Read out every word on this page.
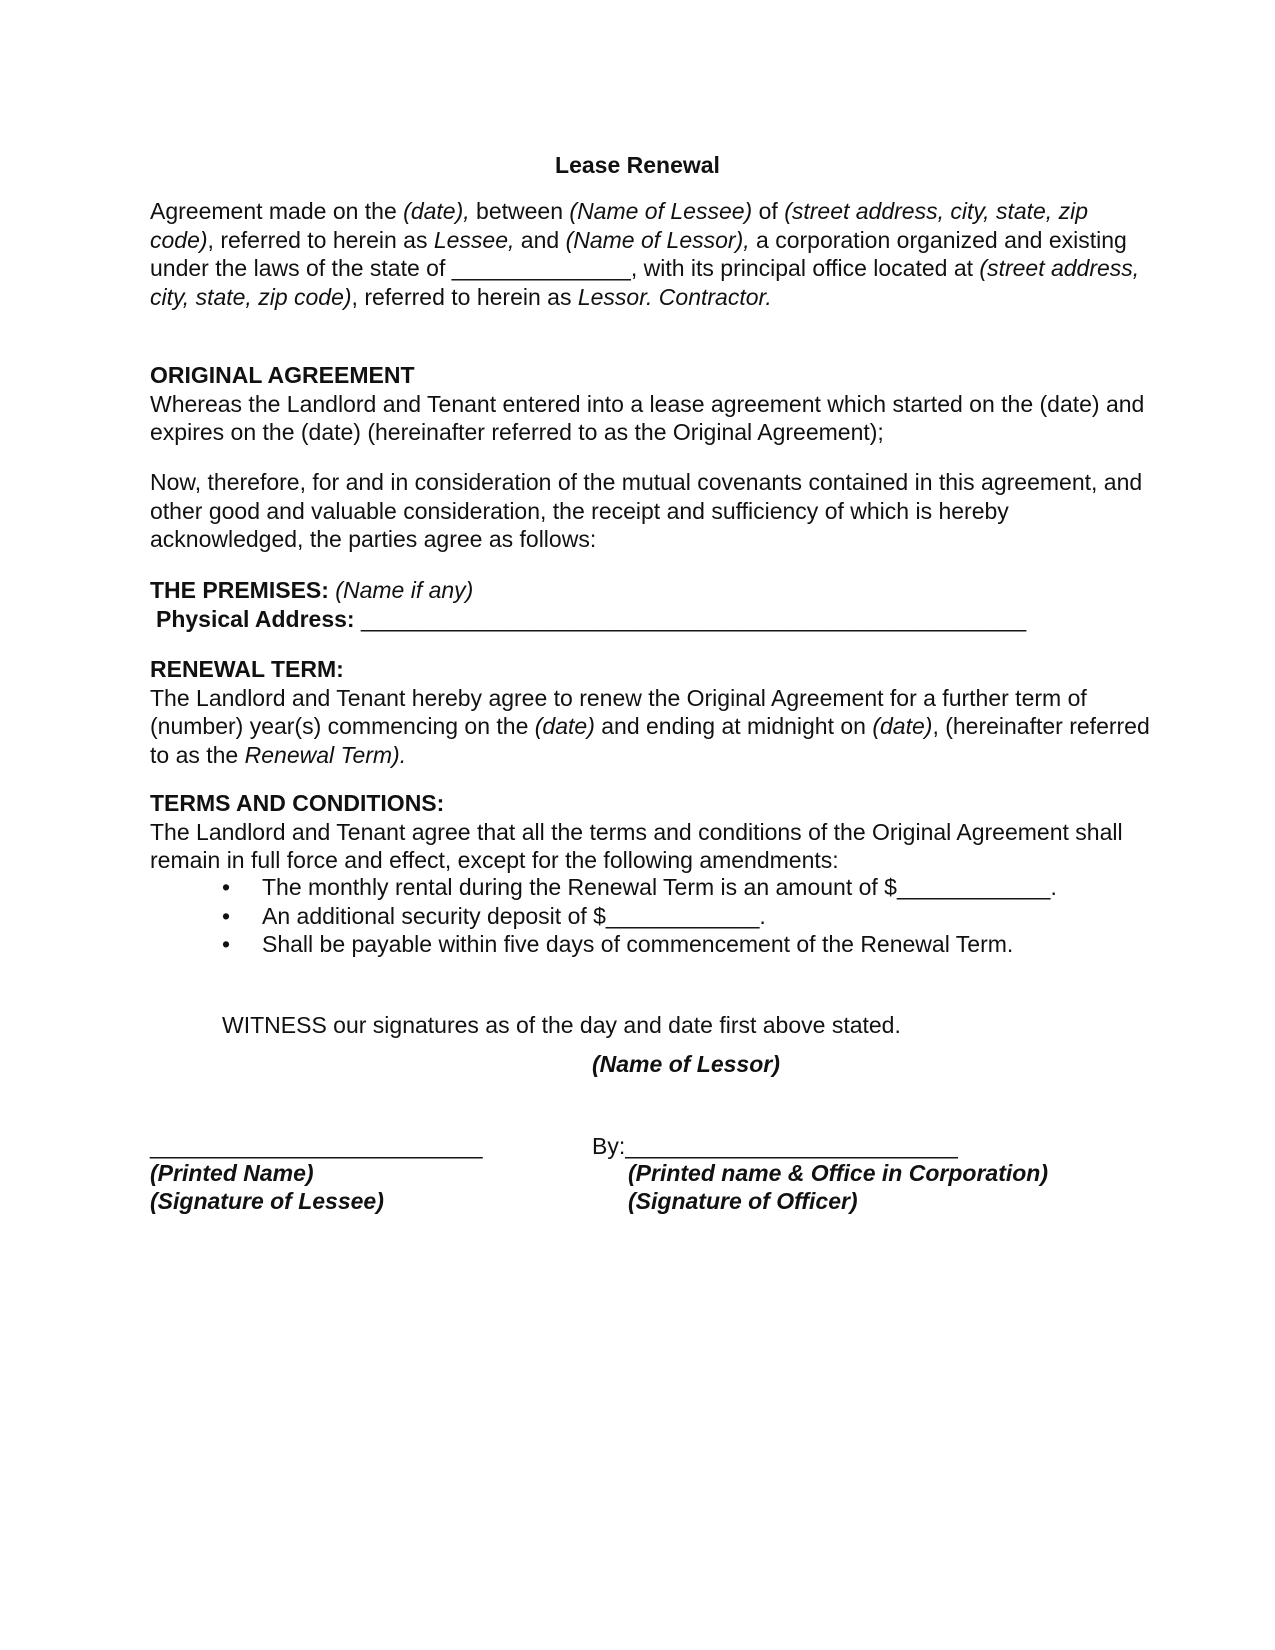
Lease Renewal

Agreement made on the (date), between (Name of Lessee) of (street address, city, state, zip code), referred to herein as Lessee, and (Name of Lessor), a corporation organized and existing under the laws of the state of ______________, with its principal office located at (street address, city, state, zip code), referred to herein as Lessor. Contractor.

ORIGINAL AGREEMENT

Whereas the Landlord and Tenant entered into a lease agreement which started on the (date) and expires on the (date) (hereinafter referred to as the Original Agreement);

Now, therefore, for and in consideration of the mutual covenants contained in this agreement, and other good and valuable consideration, the receipt and sufficiency of which is hereby acknowledged, the parties agree as follows:

THE PREMISES: (Name if any)

Physical Address: ____________________________________________________

RENEWAL TERM:

The Landlord and Tenant hereby agree to renew the Original Agreement for a further term of (number) year(s) commencing on the (date) and ending at midnight on (date), (hereinafter referred to as the Renewal Term).

TERMS AND CONDITIONS:

The Landlord and Tenant agree that all the terms and conditions of the Original Agreement shall remain in full force and effect, except for the following amendments:

• The monthly rental during the Renewal Term is an amount of $____________.
• An additional security deposit of $____________.
• Shall be payable within five days of commencement of the Renewal Term.
WITNESS our signatures as of the day and date first above stated.
(Name of Lessor)
__________________________	By:__________________________
(Printed Name)
(Signature of Lessee)
(Printed name & Office in Corporation)
(Signature of Officer)
